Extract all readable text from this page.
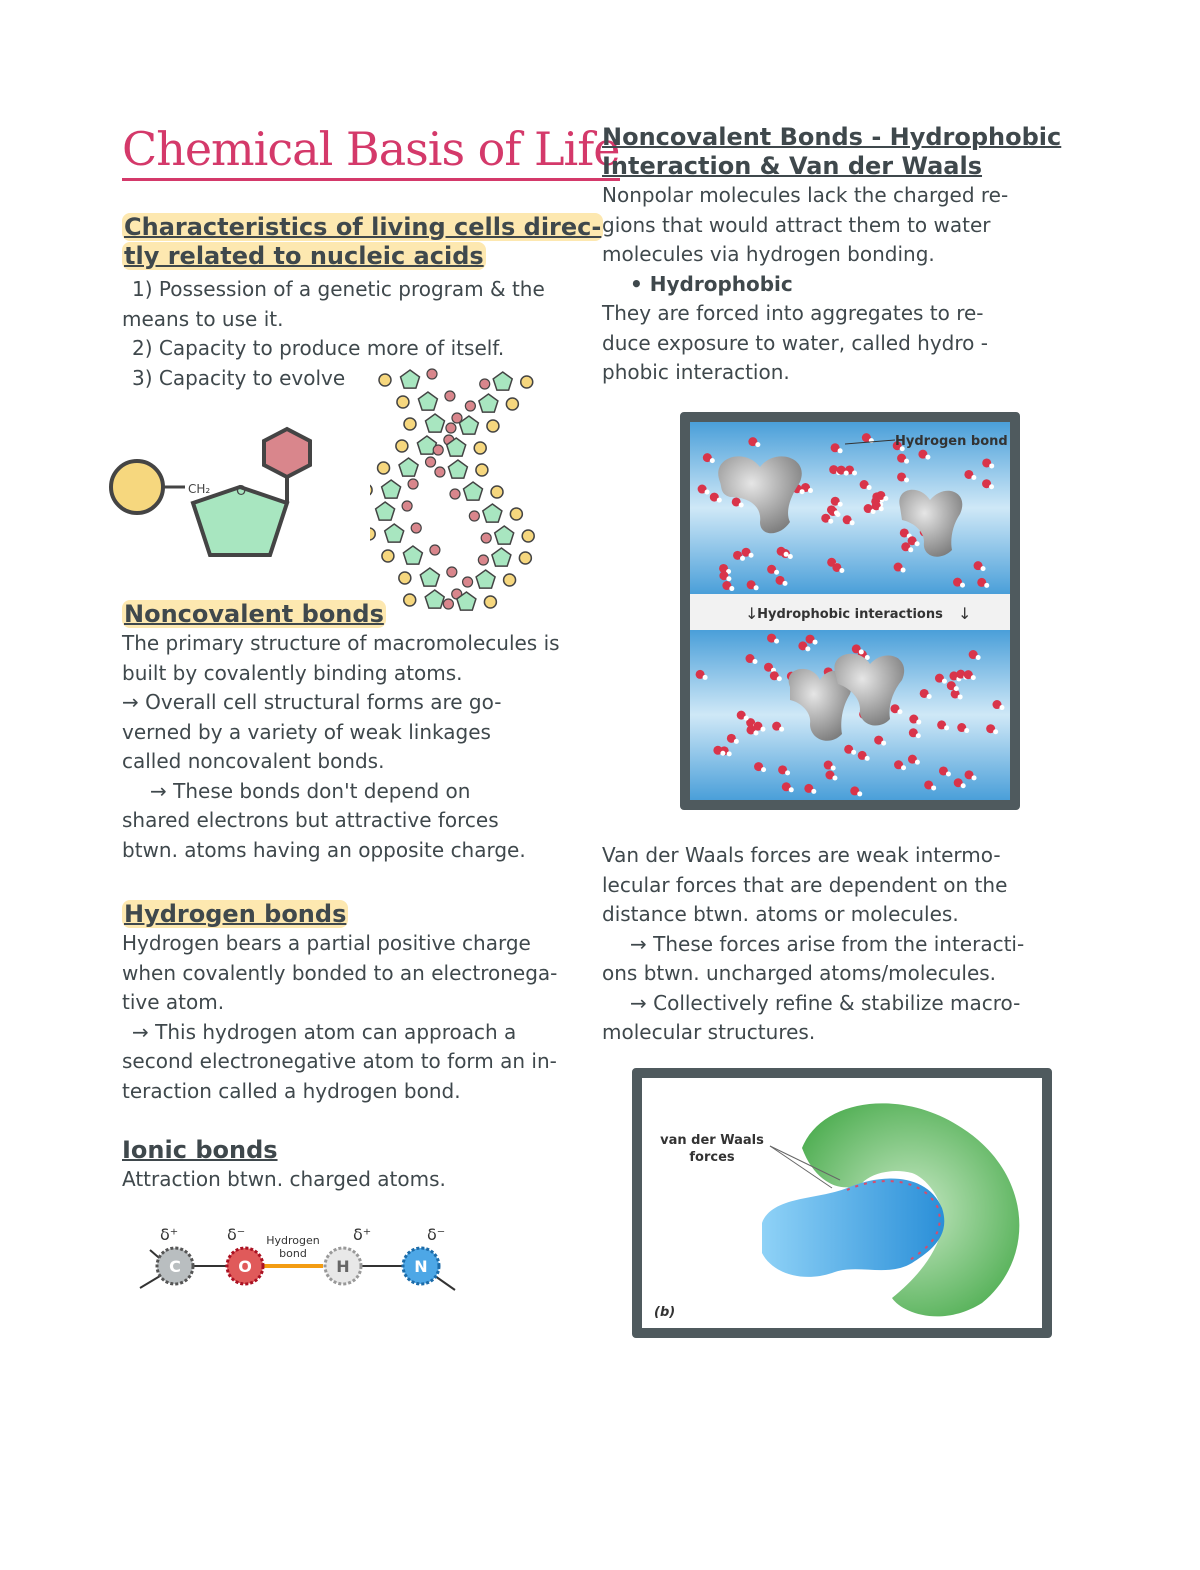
Chemical Basis of Life
Characteristics of living cells direc-
tly related to nucleic acids
1) Possession of a genetic program & the
means to use it.
2) Capacity to produce more of itself.
3) Capacity to evolve
CH₂ O
Noncovalent bonds
The primary structure of macromolecules is
built by covalently binding atoms.
→ Overall cell structural forms are go-
verned by a variety of weak linkages
called noncovalent bonds.
→ These bonds don't depend on
shared electrons but attractive forces
btwn. atoms having an opposite charge.
Hydrogen bonds
Hydrogen bears a partial positive charge
when covalently bonded to an electronega-
tive atom.
→ This hydrogen atom can approach a
second electronegative atom to form an in-
teraction called a hydrogen bond.
Ionic bonds
Attraction btwn. charged atoms.
C	O	H	N
δ⁺	δ⁻	δ⁺	δ⁻
Hydrogen
bond
Noncovalent Bonds - Hydrophobic
Interaction & Van der Waals
Nonpolar molecules lack the charged re-
gions that would attract them to water
molecules via hydrogen bonding.
• Hydrophobic
They are forced into aggregates to re-
duce exposure to water, called hydro -
phobic interaction.
Hydrogen bond
↓	↓
Hydrophobic interactions
Van der Waals forces are weak intermo-
lecular forces that are dependent on the
distance btwn. atoms or molecules.
→ These forces arise from the interacti-
ons btwn. uncharged atoms/molecules.
→ Collectively refine & stabilize macro-
molecular structures.
van der Waals
forces
(b)
